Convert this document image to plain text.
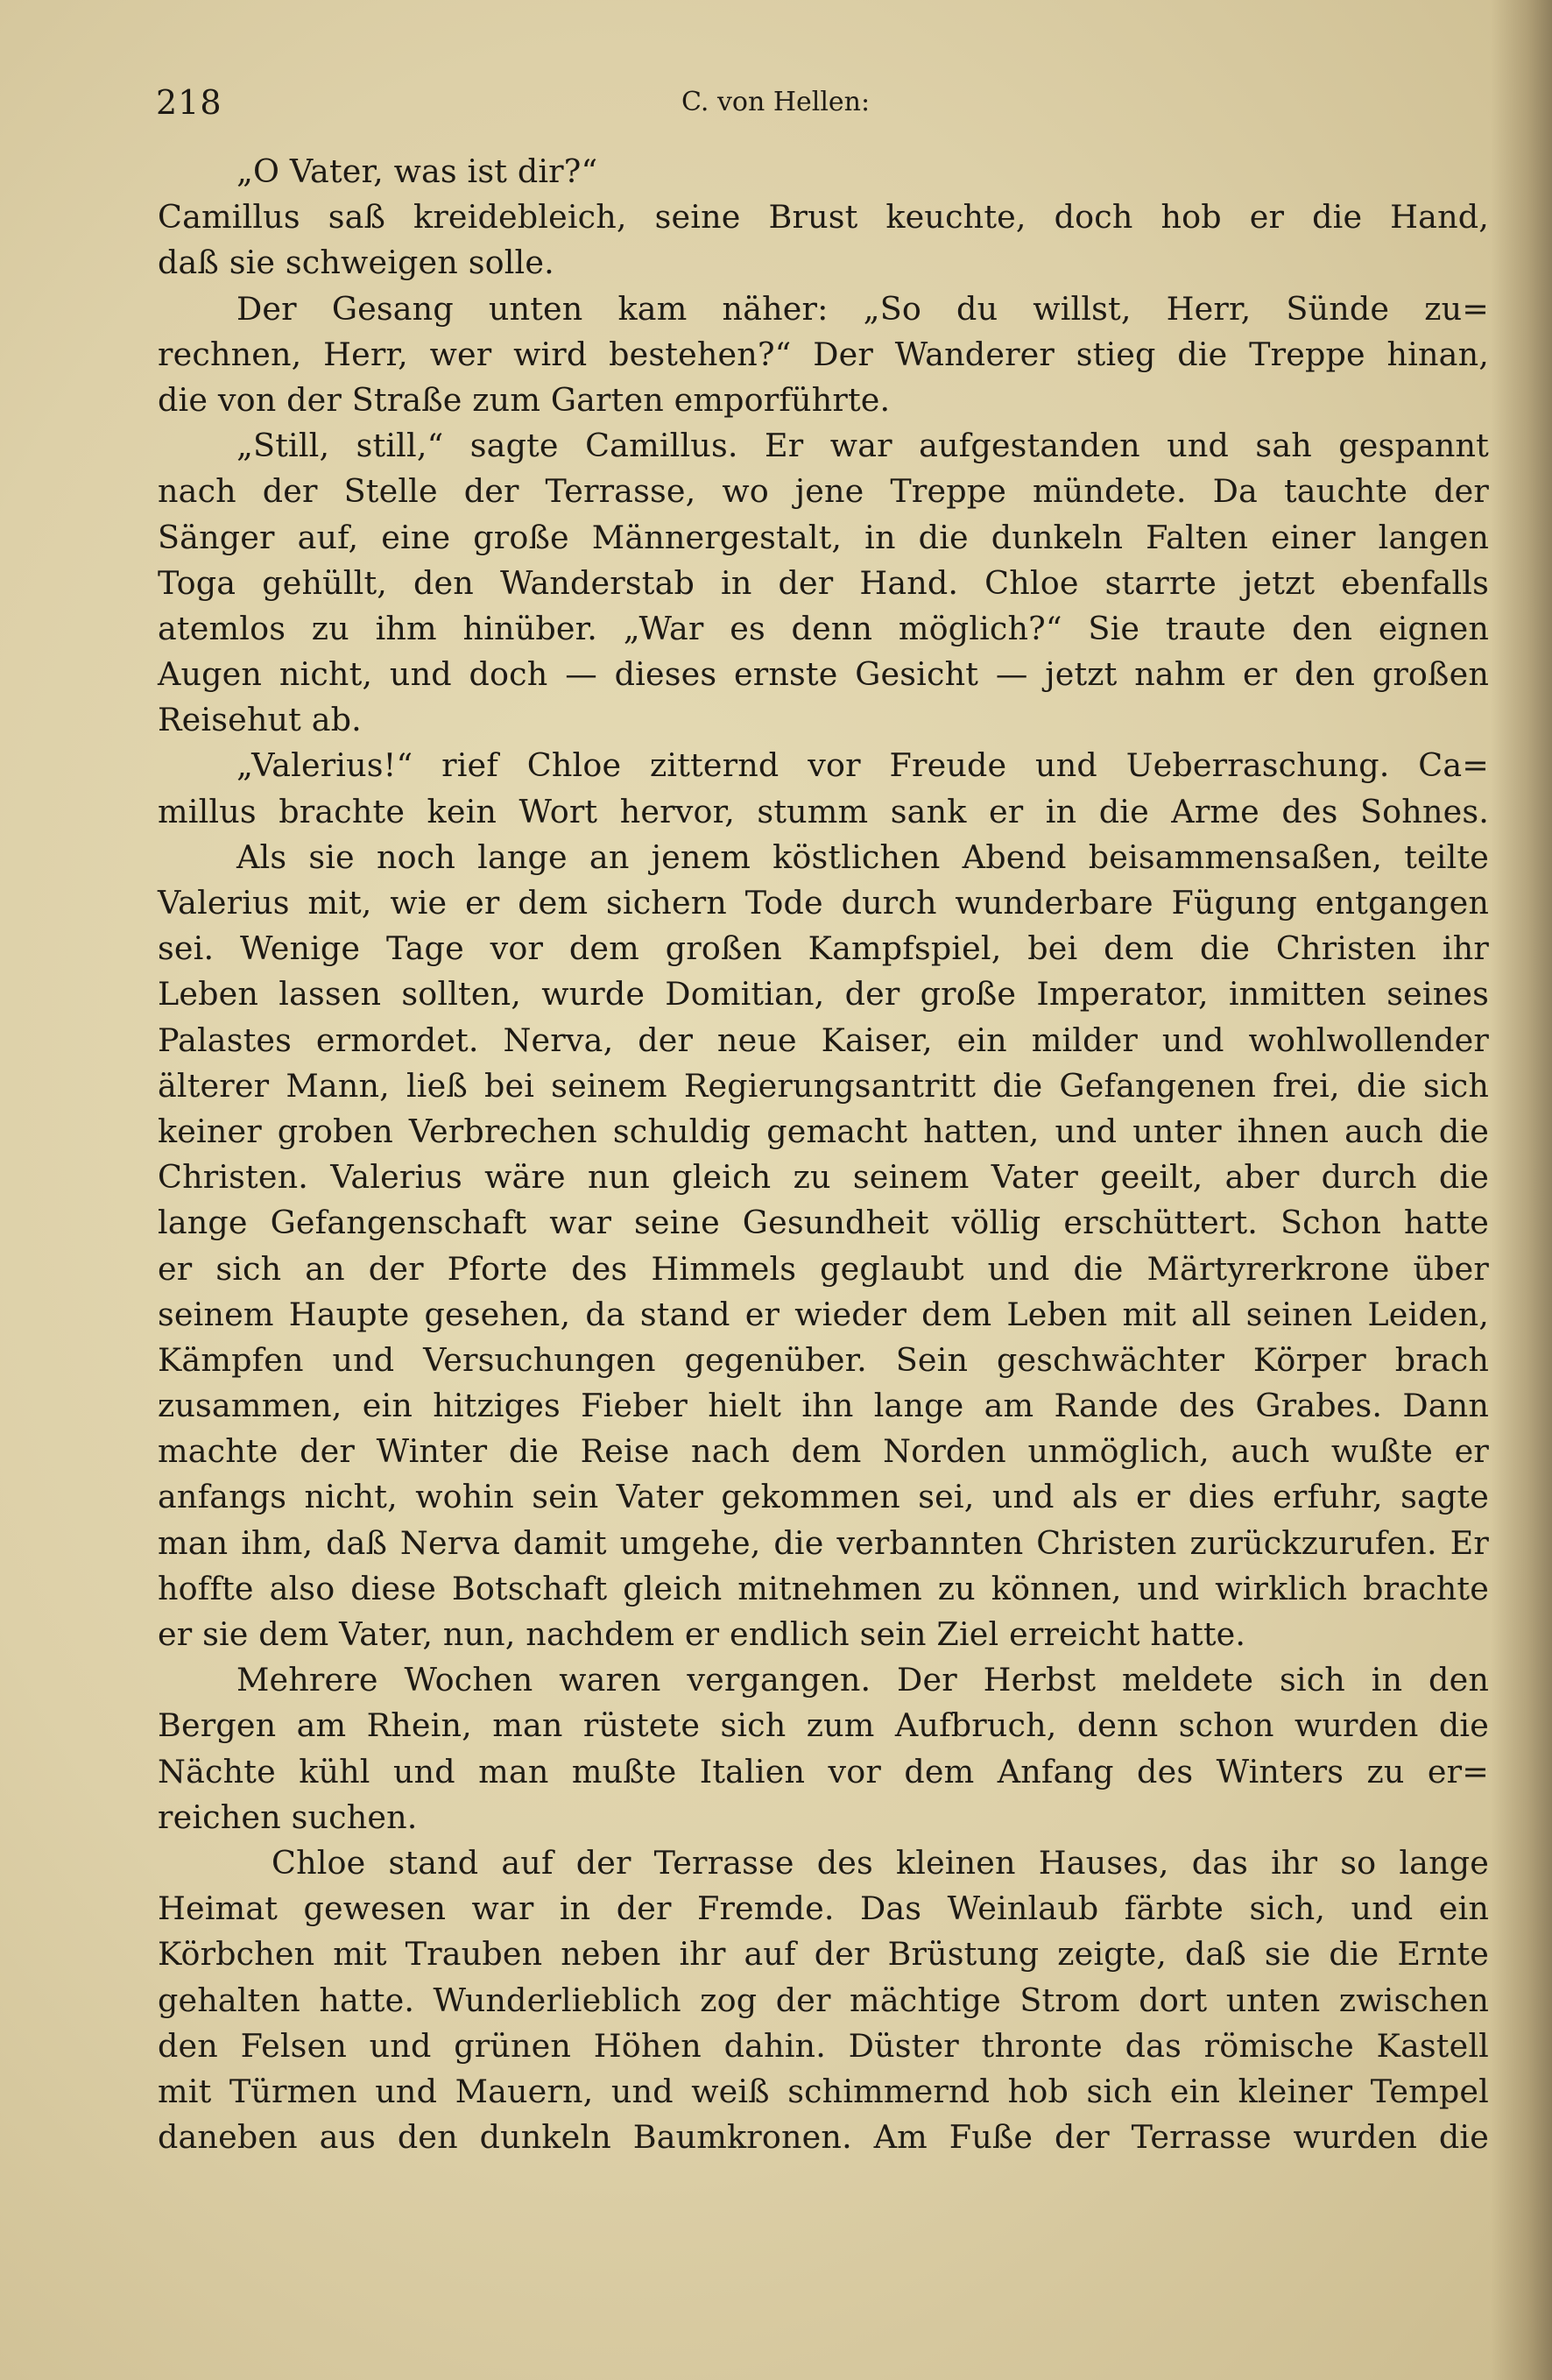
218	C. von Hellen:
„O Vater, was ist dir?“
Camillus saß kreidebleich, seine Brust keuchte, doch hob er die Hand,
daß sie schweigen solle.
Der Gesang unten kam näher: „So du willst, Herr, Sünde zu=
rechnen, Herr, wer wird bestehen?“ Der Wanderer stieg die Treppe hinan,
die von der Straße zum Garten emporführte.
„Still, still,“ sagte Camillus. Er war aufgestanden und sah gespannt
nach der Stelle der Terrasse, wo jene Treppe mündete. Da tauchte der
Sänger auf, eine große Männergestalt, in die dunkeln Falten einer langen
Toga gehüllt, den Wanderstab in der Hand. Chloe starrte jetzt ebenfalls
atemlos zu ihm hinüber. „War es denn möglich?“ Sie traute den eignen
Augen nicht, und doch — dieses ernste Gesicht — jetzt nahm er den großen
Reisehut ab.
„Valerius!“ rief Chloe zitternd vor Freude und Ueberraschung. Ca=
millus brachte kein Wort hervor, stumm sank er in die Arme des Sohnes.
Als sie noch lange an jenem köstlichen Abend beisammensaßen, teilte
Valerius mit, wie er dem sichern Tode durch wunderbare Fügung entgangen
sei. Wenige Tage vor dem großen Kampfspiel, bei dem die Christen ihr
Leben lassen sollten, wurde Domitian, der große Imperator, inmitten seines
Palastes ermordet. Nerva, der neue Kaiser, ein milder und wohlwollender
älterer Mann, ließ bei seinem Regierungsantritt die Gefangenen frei, die sich
keiner groben Verbrechen schuldig gemacht hatten, und unter ihnen auch die
Christen. Valerius wäre nun gleich zu seinem Vater geeilt, aber durch die
lange Gefangenschaft war seine Gesundheit völlig erschüttert. Schon hatte
er sich an der Pforte des Himmels geglaubt und die Märtyrerkrone über
seinem Haupte gesehen, da stand er wieder dem Leben mit all seinen Leiden,
Kämpfen und Versuchungen gegenüber. Sein geschwächter Körper brach
zusammen, ein hitziges Fieber hielt ihn lange am Rande des Grabes. Dann
machte der Winter die Reise nach dem Norden unmöglich, auch wußte er
anfangs nicht, wohin sein Vater gekommen sei, und als er dies erfuhr, sagte
man ihm, daß Nerva damit umgehe, die verbannten Christen zurückzurufen. Er
hoffte also diese Botschaft gleich mitnehmen zu können, und wirklich brachte
er sie dem Vater, nun, nachdem er endlich sein Ziel erreicht hatte.
Mehrere Wochen waren vergangen. Der Herbst meldete sich in den
Bergen am Rhein, man rüstete sich zum Aufbruch, denn schon wurden die
Nächte kühl und man mußte Italien vor dem Anfang des Winters zu er=
reichen suchen.
Chloe stand auf der Terrasse des kleinen Hauses, das ihr so lange
Heimat gewesen war in der Fremde. Das Weinlaub färbte sich, und ein
Körbchen mit Trauben neben ihr auf der Brüstung zeigte, daß sie die Ernte
gehalten hatte. Wunderlieblich zog der mächtige Strom dort unten zwischen
den Felsen und grünen Höhen dahin. Düster thronte das römische Kastell
mit Türmen und Mauern, und weiß schimmernd hob sich ein kleiner Tempel
daneben aus den dunkeln Baumkronen. Am Fuße der Terrasse wurden die
